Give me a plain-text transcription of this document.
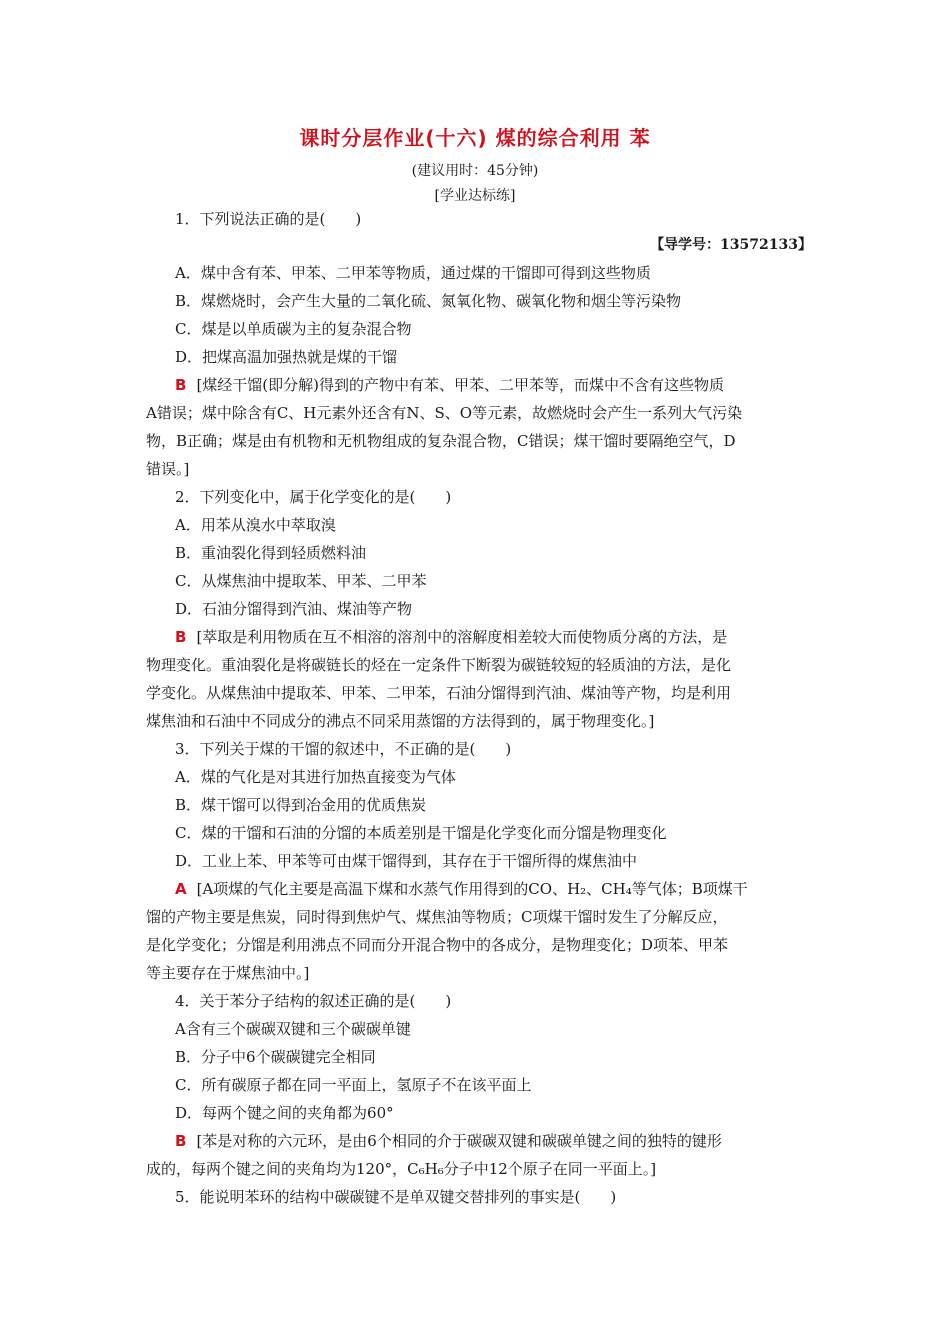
课时分层作业(十六) 煤的综合利用 苯
(建议用时：45分钟)
[学业达标练]
1．下列说法正确的是(　　)
【导学号：13572133】
A．煤中含有苯、甲苯、二甲苯等物质，通过煤的干馏即可得到这些物质
B．煤燃烧时，会产生大量的二氧化硫、氮氧化物、碳氧化物和烟尘等污染物
C．煤是以单质碳为主的复杂混合物
D．把煤高温加强热就是煤的干馏
B [煤经干馏(即分解)得到的产物中有苯、甲苯、二甲苯等，而煤中不含有这些物质
A错误；煤中除含有C、H元素外还含有N、S、O等元素，故燃烧时会产生一系列大气污染
物，B正确；煤是由有机物和无机物组成的复杂混合物，C错误；煤干馏时要隔绝空气，D
错误。]
2．下列变化中，属于化学变化的是(　　)
A．用苯从溴水中萃取溴
B．重油裂化得到轻质燃料油
C．从煤焦油中提取苯、甲苯、二甲苯
D．石油分馏得到汽油、煤油等产物
B [萃取是利用物质在互不相溶的溶剂中的溶解度相差较大而使物质分离的方法，是
物理变化。重油裂化是将碳链长的烃在一定条件下断裂为碳链较短的轻质油的方法，是化
学变化。从煤焦油中提取苯、甲苯、二甲苯，石油分馏得到汽油、煤油等产物，均是利用
煤焦油和石油中不同成分的沸点不同采用蒸馏的方法得到的，属于物理变化。]
3．下列关于煤的干馏的叙述中，不正确的是(　　)
A．煤的气化是对其进行加热直接变为气体
B．煤干馏可以得到冶金用的优质焦炭
C．煤的干馏和石油的分馏的本质差别是干馏是化学变化而分馏是物理变化
D．工业上苯、甲苯等可由煤干馏得到，其存在于干馏所得的煤焦油中
A [A项煤的气化主要是高温下煤和水蒸气作用得到的CO、H₂、CH₄等气体；B项煤干
馏的产物主要是焦炭，同时得到焦炉气、煤焦油等物质；C项煤干馏时发生了分解反应，
是化学变化；分馏是利用沸点不同而分开混合物中的各成分，是物理变化；D项苯、甲苯
等主要存在于煤焦油中。]
4．关于苯分子结构的叙述正确的是(　　)
A含有三个碳碳双键和三个碳碳单键
B．分子中6个碳碳键完全相同
C．所有碳原子都在同一平面上，氢原子不在该平面上
D．每两个键之间的夹角都为60°
B [苯是对称的六元环，是由6个相同的介于碳碳双键和碳碳单键之间的独特的键形
成的，每两个键之间的夹角均为120°，C₆H₆分子中12个原子在同一平面上。]
5．能说明苯环的结构中碳碳键不是单双键交替排列的事实是(　　)
